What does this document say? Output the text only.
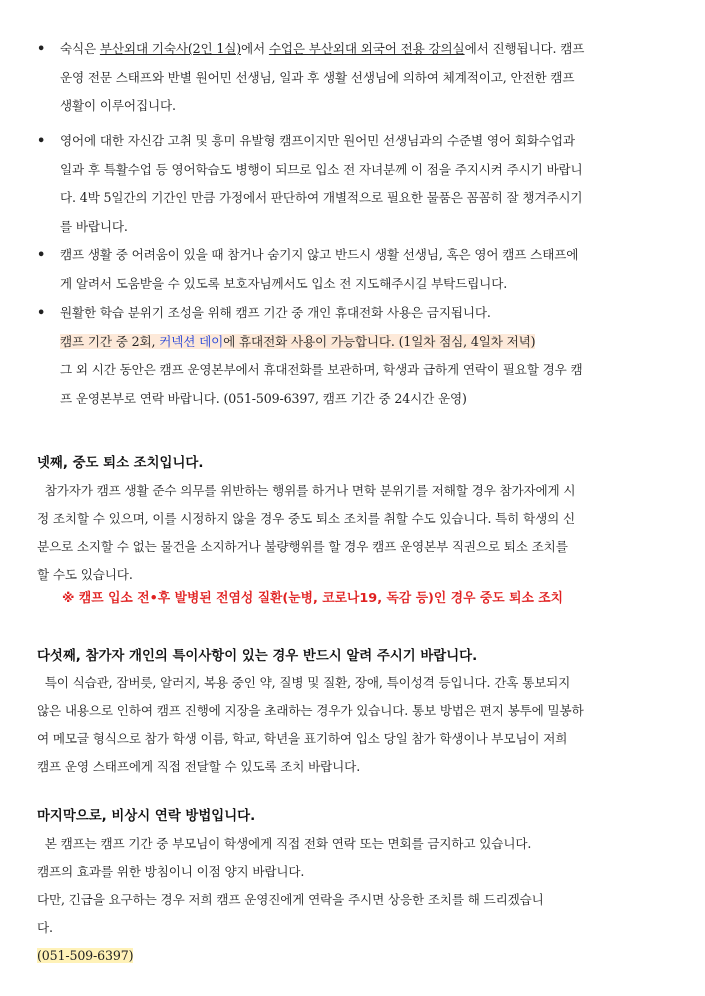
• 숙식은 부산외대 기숙사(2인 1실)에서 수업은 부산외대 외국어 전용 강의실에서 진행됩니다. 캠프
운영 전문 스태프와 반별 원어민 선생님, 일과 후 생활 선생님에 의하여 체계적이고, 안전한 캠프
생활이 이루어집니다.
• 영어에 대한 자신감 고취 및 흥미 유발형 캠프이지만 원어민 선생님과의 수준별 영어 회화수업과
일과 후 특활수업 등 영어학습도 병행이 되므로 입소 전 자녀분께 이 점을 주지시켜 주시기 바랍니
다. 4박 5일간의 기간인 만큼 가정에서 판단하여 개별적으로 필요한 물품은 꼼꼼히 잘 챙겨주시기
를 바랍니다.
• 캠프 생활 중 어려움이 있을 때 참거나 숨기지 않고 반드시 생활 선생님, 혹은 영어 캠프 스태프에
게 알려서 도움받을 수 있도록 보호자님께서도 입소 전 지도해주시길 부탁드립니다.
• 원활한 학습 분위기 조성을 위해 캠프 기간 중 개인 휴대전화 사용은 금지됩니다.
캠프 기간 중 2회, 커넥션 데이에 휴대전화 사용이 가능합니다. (1일차 점심, 4일차 저녁)
그 외 시간 동안은 캠프 운영본부에서 휴대전화를 보관하며, 학생과 급하게 연락이 필요할 경우 캠
프 운영본부로 연락 바랍니다. (051-509-6397, 캠프 기간 중 24시간 운영)
넷째, 중도 퇴소 조치입니다.
참가자가 캠프 생활 준수 의무를 위반하는 행위를 하거나 면학 분위기를 저해할 경우 참가자에게 시
정 조치할 수 있으며, 이를 시정하지 않을 경우 중도 퇴소 조치를 취할 수도 있습니다. 특히 학생의 신
분으로 소지할 수 없는 물건을 소지하거나 불량행위를 할 경우 캠프 운영본부 직권으로 퇴소 조치를
할 수도 있습니다.
※ 캠프 입소 전•후 발병된 전염성 질환(눈병, 코로나19, 독감 등)인 경우 중도 퇴소 조치
다섯째, 참가자 개인의 특이사항이 있는 경우 반드시 알려 주시기 바랍니다.
특이 식습관, 잠버릇, 알러지, 복용 중인 약, 질병 및 질환, 장애, 특이성격 등입니다. 간혹 통보되지
않은 내용으로 인하여 캠프 진행에 지장을 초래하는 경우가 있습니다. 통보 방법은 편지 봉투에 밀봉하
여 메모글 형식으로 참가 학생 이름, 학교, 학년을 표기하여 입소 당일 참가 학생이나 부모님이 저희
캠프 운영 스태프에게 직접 전달할 수 있도록 조치 바랍니다.
마지막으로, 비상시 연락 방법입니다.
본 캠프는 캠프 기간 중 부모님이 학생에게 직접 전화 연락 또는 면회를 금지하고 있습니다.
캠프의 효과를 위한 방침이니 이점 양지 바랍니다.
다만, 긴급을 요구하는 경우 저희 캠프 운영진에게 연락을 주시면 상응한 조치를 해 드리겠습니
다.
(051-509-6397)
